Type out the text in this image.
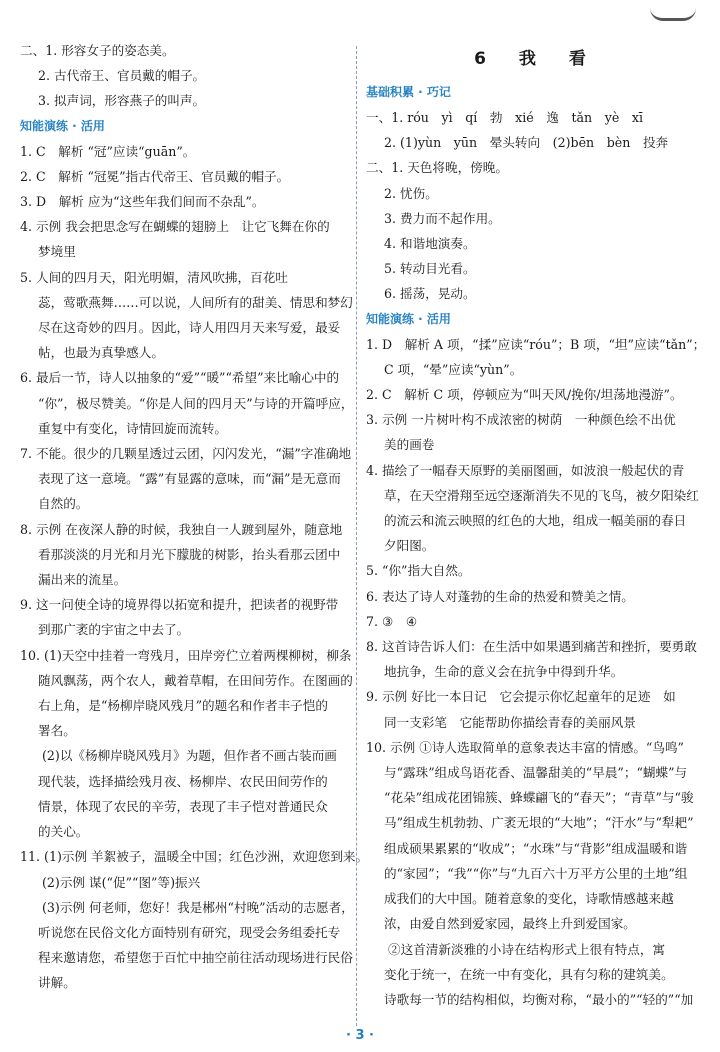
二、1. 形容女子的姿态美。
2. 古代帝王、官员戴的帽子。
3. 拟声词，形容燕子的叫声。
知能演练 · 活用
1. C　解析 “冠”应读“guān”。
2. C　解析 “冠冕”指古代帝王、官员戴的帽子。
3. D　解析 应为“这些年我们间而不杂乱”。
4. 示例 我会把思念写在蝴蝶的翅膀上　让它飞舞在你的
梦境里
5. 人间的四月天，阳光明媚，清风吹拂，百花吐
蕊，莺歌燕舞……可以说，人间所有的甜美、情思和梦幻
尽在这奇妙的四月。因此，诗人用四月天来写爱，最妥
帖，也最为真挚感人。
6. 最后一节，诗人以抽象的“爱”“暖”“希望”来比喻心中的
“你”，极尽赞美。“你是人间的四月天”与诗的开篇呼应，
重复中有变化，诗情回旋而流转。
7. 不能。很少的几颗星透过云团，闪闪发光，“漏”字准确地
表现了这一意境。“露”有显露的意味，而“漏”是无意而
自然的。
8. 示例 在夜深人静的时候，我独自一人踱到屋外，随意地
看那淡淡的月光和月光下朦胧的树影，抬头看那云团中
漏出来的流星。
9. 这一问使全诗的境界得以拓宽和提升，把读者的视野带
到那广袤的宇宙之中去了。
10. (1)天空中挂着一弯残月，田岸旁伫立着两棵柳树，柳条
随风飘荡，两个农人，戴着草帽，在田间劳作。在图画的
右上角，是“杨柳岸晓风残月”的题名和作者丰子恺的
署名。
(2)以《杨柳岸晓风残月》为题，但作者不画古装而画
现代装，选择描绘残月夜、杨柳岸、农民田间劳作的
情景，体现了农民的辛劳，表现了丰子恺对普通民众
的关心。
11. (1)示例 羊絮被子，温暖全中国；红色沙洲，欢迎您到来。
(2)示例 谋(“促”“图”等)振兴
(3)示例 何老师，您好！我是郴州“村晚”活动的志愿者，
听说您在民俗文化方面特别有研究，现受会务组委托专
程来邀请您，希望您于百忙中抽空前往活动现场进行民俗
讲解。
6　我　看
基础积累 · 巧记
一、1. róu　yì　qí　勃　xié　逸　tǎn　yè　xī
2. (1)yùn　yūn　晕头转向　(2)bēn　bèn　投奔
二、1. 天色将晚，傍晚。
2. 忧伤。
3. 费力而不起作用。
4. 和谐地演奏。
5. 转动目光看。
6. 摇荡，晃动。
知能演练 · 活用
1. D　解析 A 项，“揉”应读“róu”；B 项，“坦”应读“tǎn”；
C 项，“晕”应读“yùn”。
2. C　解析 C 项，停顿应为“叫天风/挽你/坦荡地漫游”。
3. 示例 一片树叶构不成浓密的树荫　一种颜色绘不出优
美的画卷
4. 描绘了一幅春天原野的美丽图画，如波浪一般起伏的青
草，在天空滑翔至远空逐渐消失不见的飞鸟，被夕阳染红
的流云和流云映照的红色的大地，组成一幅美丽的春日
夕阳图。
5. “你”指大自然。
6. 表达了诗人对蓬勃的生命的热爱和赞美之情。
7. ③　④
8. 这首诗告诉人们：在生活中如果遇到痛苦和挫折，要勇敢
地抗争，生命的意义会在抗争中得到升华。
9. 示例 好比一本日记　它会提示你忆起童年的足迹　如
同一支彩笔　它能帮助你描绘青春的美丽风景
10. 示例 ①诗人选取简单的意象表达丰富的情感。“鸟鸣”
与“露珠”组成鸟语花香、温馨甜美的“早晨”；“蝴蝶”与
“花朵”组成花团锦簇、蜂蝶翩飞的“春天”；“青草”与“骏
马”组成生机勃勃、广袤无垠的“大地”；“汗水”与“犁耙”
组成硕果累累的“收成”；“水珠”与“背影”组成温暖和谐
的“家园”；“我”“你”与“九百六十万平方公里的土地”组
成我们的大中国。随着意象的变化，诗歌情感越来越
浓，由爱自然到爱家园，最终上升到爱国家。
②这首清新淡雅的小诗在结构形式上很有特点，寓
变化于统一，在统一中有变化，具有匀称的建筑美。
诗歌每一节的结构相似，均衡对称，“最小的”“轻的”“加
· 3 ·
